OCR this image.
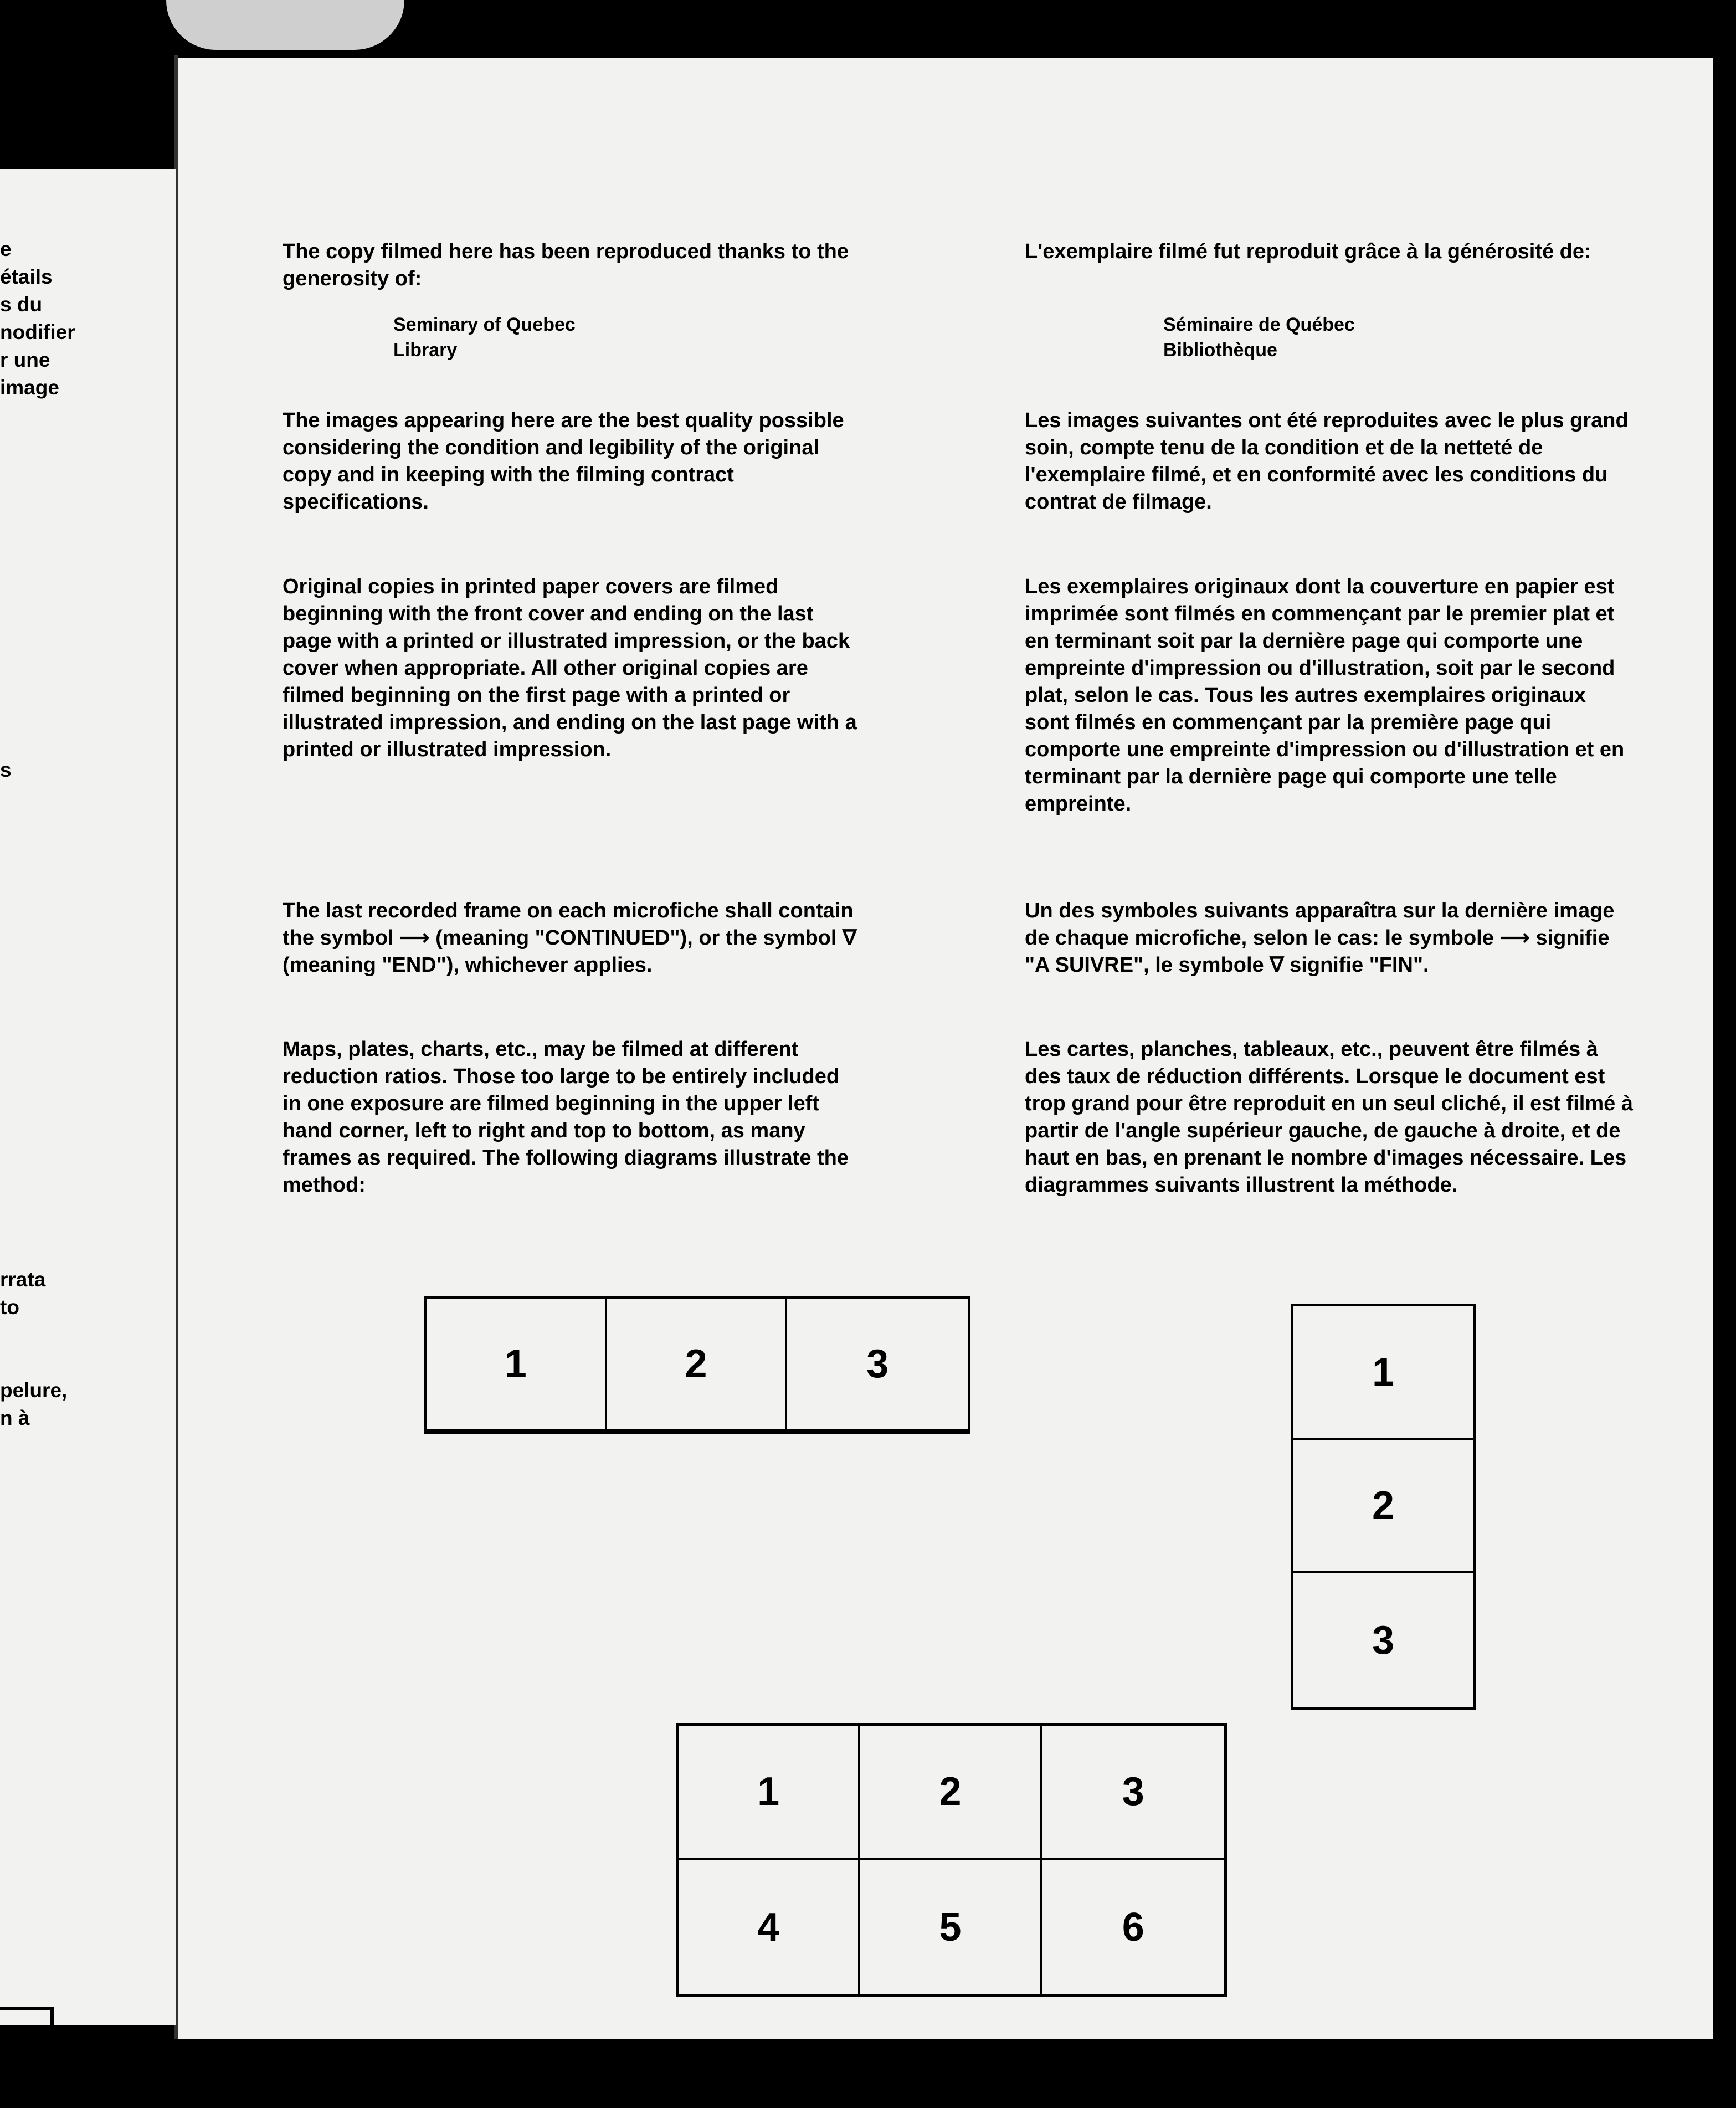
e
étails
s du
nodifier
r une
image
s
rrata
to
pelure,
n à
32X

The copy filmed here has been reproduced thanks to the generosity of:

Seminary of Quebec
Library

The images appearing here are the best quality possible considering the condition and legibility of the original copy and in keeping with the filming contract specifications.

Original copies in printed paper covers are filmed beginning with the front cover and ending on the last page with a printed or illustrated impression, or the back cover when appropriate. All other original copies are filmed beginning on the first page with a printed or illustrated impression, and ending on the last page with a printed or illustrated impression.

The last recorded frame on each microfiche shall contain the symbol ⟶ (meaning "CONTINUED"), or the symbol ∇ (meaning "END"), whichever applies.

Maps, plates, charts, etc., may be filmed at different reduction ratios. Those too large to be entirely included in one exposure are filmed beginning in the upper left hand corner, left to right and top to bottom, as many frames as required. The following diagrams illustrate the method:

L'exemplaire filmé fut reproduit grâce à la générosité de:

Séminaire de Québec
Bibliothèque

Les images suivantes ont été reproduites avec le plus grand soin, compte tenu de la condition et de la netteté de l'exemplaire filmé, et en conformité avec les conditions du contrat de filmage.

Les exemplaires originaux dont la couverture en papier est imprimée sont filmés en commençant par le premier plat et en terminant soit par la dernière page qui comporte une empreinte d'impression ou d'illustration, soit par le second plat, selon le cas. Tous les autres exemplaires originaux sont filmés en commençant par la première page qui comporte une empreinte d'impression ou d'illustration et en terminant par la dernière page qui comporte une telle empreinte.

Un des symboles suivants apparaîtra sur la dernière image de chaque microfiche, selon le cas: le symbole ⟶ signifie "A SUIVRE", le symbole ∇ signifie "FIN".

Les cartes, planches, tableaux, etc., peuvent être filmés à des taux de réduction différents. Lorsque le document est trop grand pour être reproduit en un seul cliché, il est filmé à partir de l'angle supérieur gauche, de gauche à droite, et de haut en bas, en prenant le nombre d'images nécessaire. Les diagrammes suivants illustrent la méthode.

1	2	3	1
2
3
1	2	3
4	5	6
